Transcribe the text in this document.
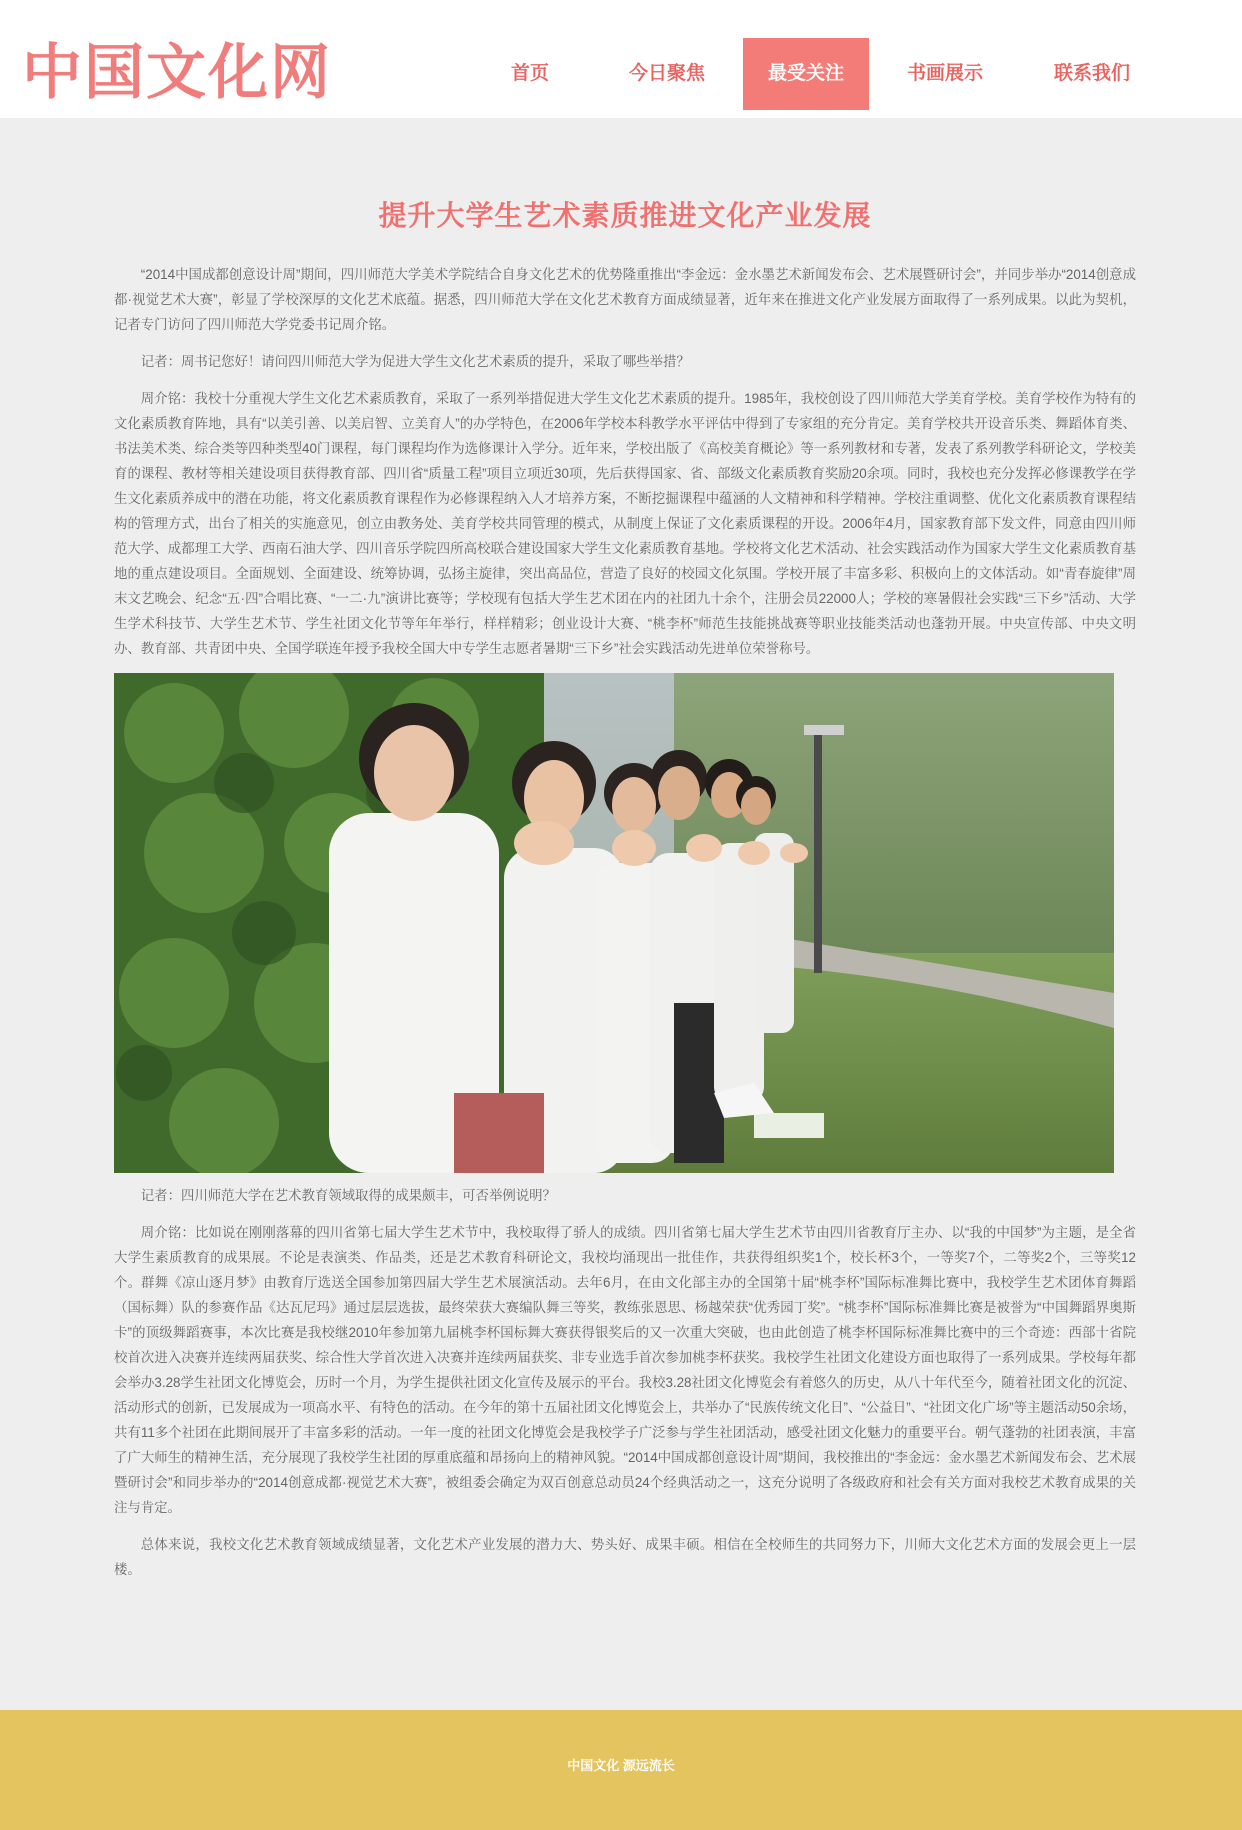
中国文化网	首页	今日聚焦	最受关注	书画展示	联系我们
提升大学生艺术素质推进文化产业发展

“2014中国成都创意设计周”期间，四川师范大学美术学院结合自身文化艺术的优势隆重推出“李金远：金水墨艺术新闻发布会、艺术展暨研讨会”，并同步举办“2014创意成都·视觉艺术大赛”，彰显了学校深厚的文化艺术底蕴。据悉，四川师范大学在文化艺术教育方面成绩显著，近年来在推进文化产业发展方面取得了一系列成果。以此为契机，记者专门访问了四川师范大学党委书记周介铭。

记者：周书记您好！请问四川师范大学为促进大学生文化艺术素质的提升，采取了哪些举措？

周介铭：我校十分重视大学生文化艺术素质教育，采取了一系列举措促进大学生文化艺术素质的提升。1985年，我校创设了四川师范大学美育学校。美育学校作为特有的文化素质教育阵地，具有“以美引善、以美启智、立美育人”的办学特色，在2006年学校本科教学水平评估中得到了专家组的充分肯定。美育学校共开设音乐类、舞蹈体育类、书法美术类、综合类等四种类型40门课程，每门课程均作为选修课计入学分。近年来，学校出版了《高校美育概论》等一系列教材和专著，发表了系列教学科研论文，学校美育的课程、教材等相关建设项目获得教育部、四川省“质量工程”项目立项近30项，先后获得国家、省、部级文化素质教育奖励20余项。同时，我校也充分发挥必修课教学在学生文化素质养成中的潜在功能，将文化素质教育课程作为必修课程纳入人才培养方案，不断挖掘课程中蕴涵的人文精神和科学精神。学校注重调整、优化文化素质教育课程结构的管理方式，出台了相关的实施意见，创立由教务处、美育学校共同管理的模式，从制度上保证了文化素质课程的开设。2006年4月，国家教育部下发文件，同意由四川师范大学、成都理工大学、西南石油大学、四川音乐学院四所高校联合建设国家大学生文化素质教育基地。学校将文化艺术活动、社会实践活动作为国家大学生文化素质教育基地的重点建设项目。全面规划、全面建设、统筹协调，弘扬主旋律，突出高品位，营造了良好的校园文化氛围。学校开展了丰富多彩、积极向上的文体活动。如“青春旋律”周末文艺晚会、纪念“五·四”合唱比赛、“一二·九”演讲比赛等；学校现有包括大学生艺术团在内的社团九十余个，注册会员22000人；学校的寒暑假社会实践“三下乡”活动、大学生学术科技节、大学生艺术节、学生社团文化节等年年举行，样样精彩；创业设计大赛、“桃李杯”师范生技能挑战赛等职业技能类活动也蓬勃开展。中央宣传部、中央文明办、教育部、共青团中央、全国学联连年授予我校全国大中专学生志愿者暑期“三下乡”社会实践活动先进单位荣誉称号。

记者：四川师范大学在艺术教育领域取得的成果颇丰，可否举例说明？

周介铭：比如说在刚刚落幕的四川省第七届大学生艺术节中，我校取得了骄人的成绩。四川省第七届大学生艺术节由四川省教育厅主办、以“我的中国梦”为主题，是全省大学生素质教育的成果展。不论是表演类、作品类，还是艺术教育科研论文，我校均涌现出一批佳作，共获得组织奖1个，校长杯3个，一等奖7个，二等奖2个，三等奖12个。群舞《凉山逐月梦》由教育厅选送全国参加第四届大学生艺术展演活动。去年6月，在由文化部主办的全国第十届“桃李杯”国际标准舞比赛中，我校学生艺术团体育舞蹈（国标舞）队的参赛作品《达瓦尼玛》通过层层选拔，最终荣获大赛编队舞三等奖，教练张恩思、杨越荣获“优秀园丁奖”。“桃李杯”国际标准舞比赛是被誉为“中国舞蹈界奥斯卡”的顶级舞蹈赛事，本次比赛是我校继2010年参加第九届桃李杯国标舞大赛获得银奖后的又一次重大突破，也由此创造了桃李杯国际标准舞比赛中的三个奇迹：西部十省院校首次进入决赛并连续两届获奖、综合性大学首次进入决赛并连续两届获奖、非专业选手首次参加桃李杯获奖。我校学生社团文化建设方面也取得了一系列成果。学校每年都会举办3.28学生社团文化博览会，历时一个月，为学生提供社团文化宣传及展示的平台。我校3.28社团文化博览会有着悠久的历史，从八十年代至今，随着社团文化的沉淀、活动形式的创新，已发展成为一项高水平、有特色的活动。在今年的第十五届社团文化博览会上，共举办了“民族传统文化日”、“公益日”、“社团文化广场”等主题活动50余场，共有11多个社团在此期间展开了丰富多彩的活动。一年一度的社团文化博览会是我校学子广泛参与学生社团活动，感受社团文化魅力的重要平台。朝气蓬勃的社团表演，丰富了广大师生的精神生活，充分展现了我校学生社团的厚重底蕴和昂扬向上的精神风貌。“2014中国成都创意设计周”期间，我校推出的“李金远：金水墨艺术新闻发布会、艺术展暨研讨会”和同步举办的“2014创意成都·视觉艺术大赛”，被组委会确定为双百创意总动员24个经典活动之一，这充分说明了各级政府和社会有关方面对我校艺术教育成果的关注与肯定。

总体来说，我校文化艺术教育领域成绩显著，文化艺术产业发展的潜力大、势头好、成果丰硕。相信在全校师生的共同努力下，川师大文化艺术方面的发展会更上一层楼。

中国文化 源远流长
